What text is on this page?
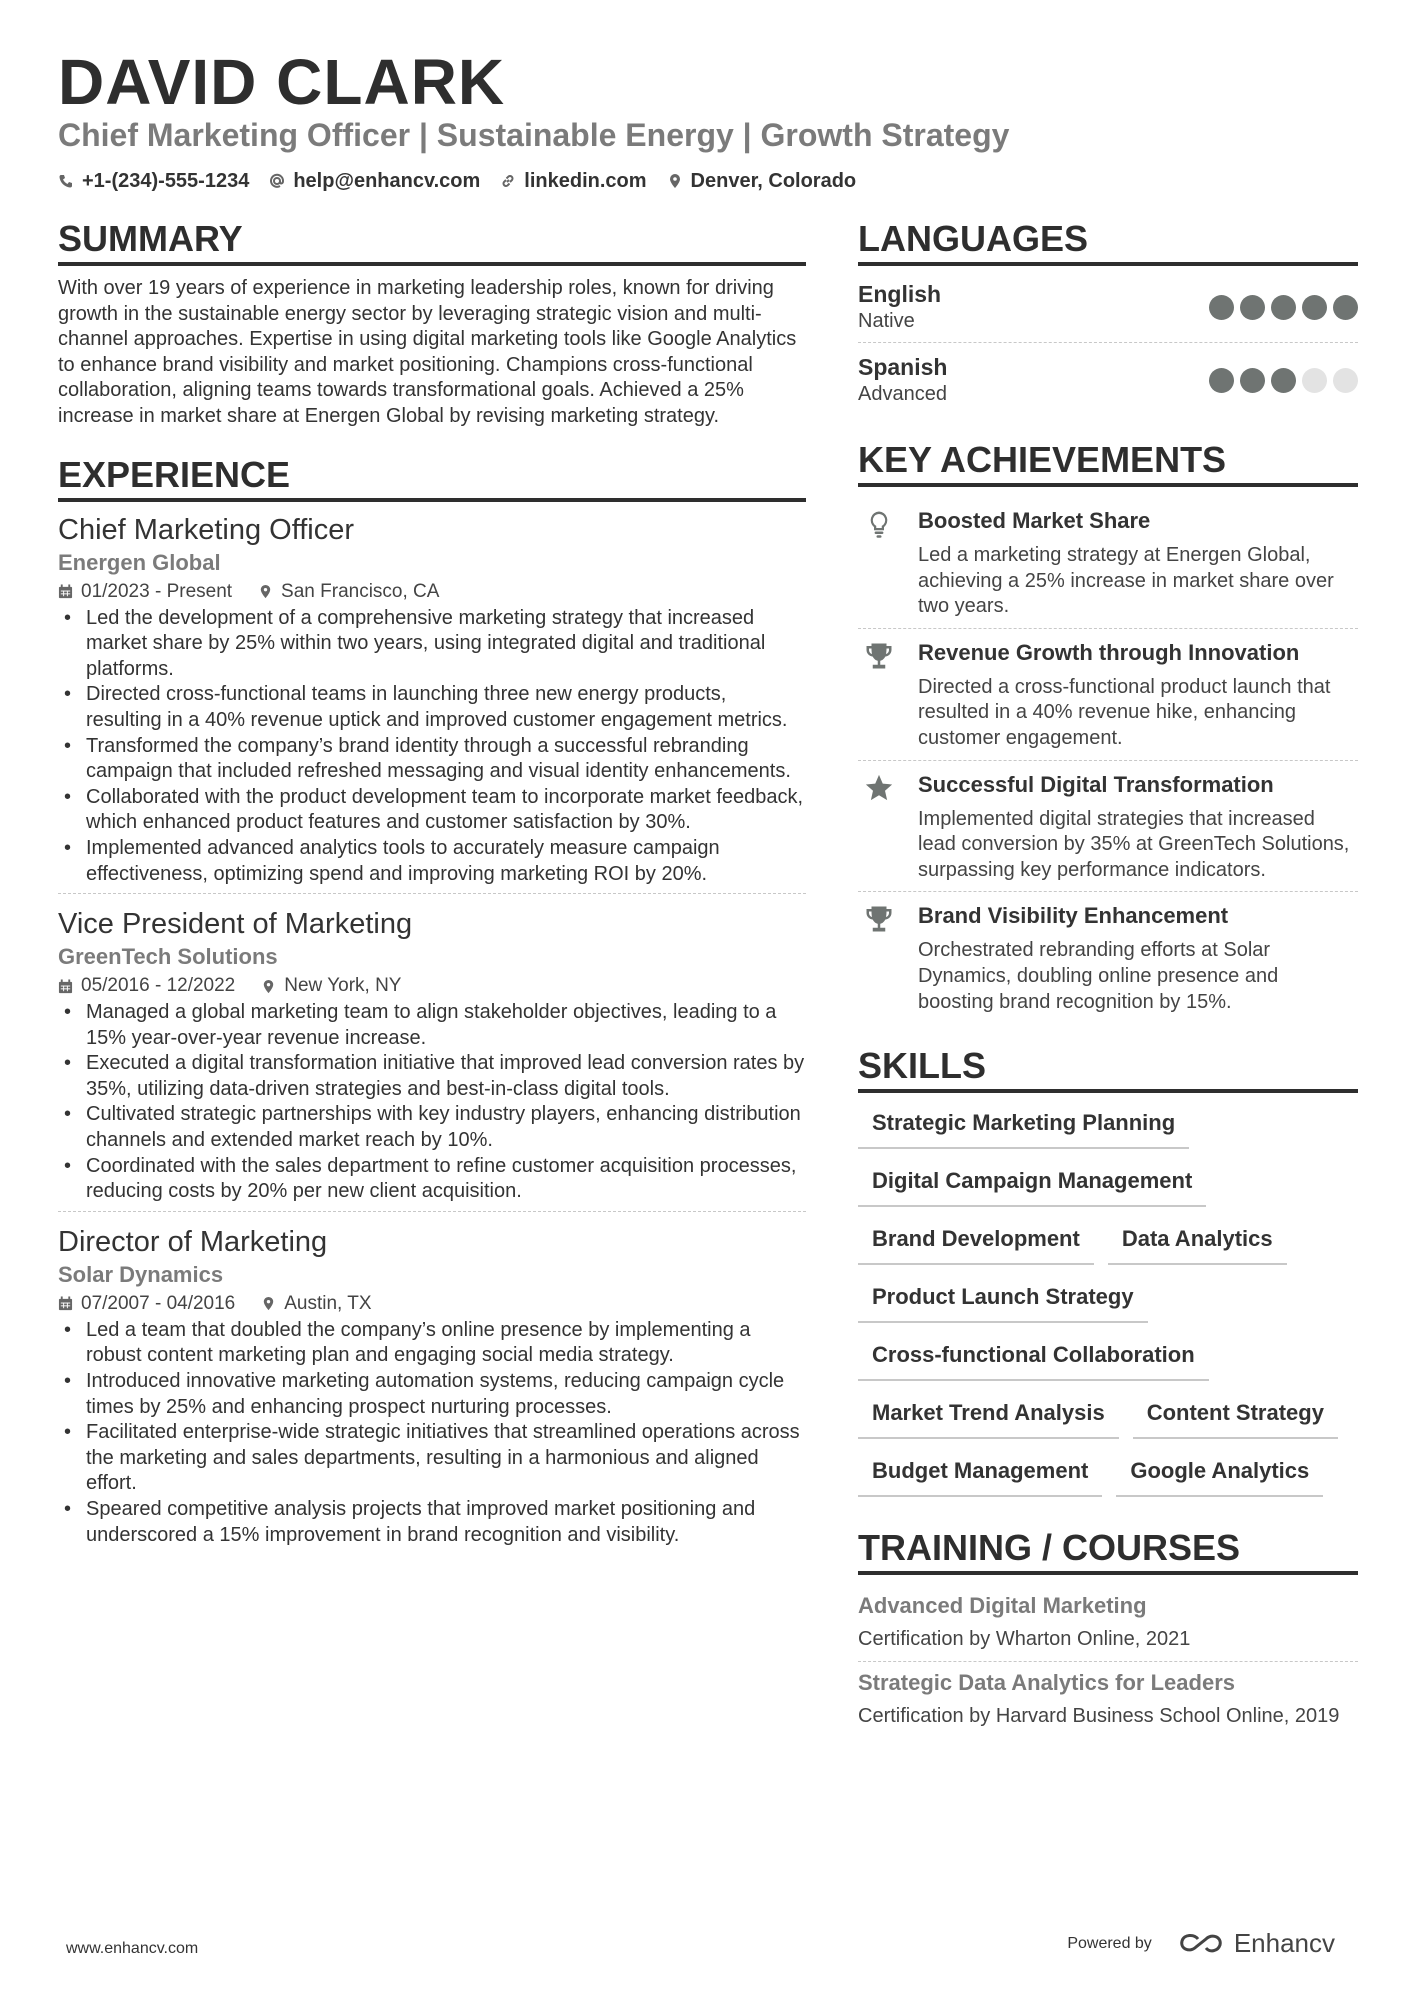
DAVID CLARK
Chief Marketing Officer | Sustainable Energy | Growth Strategy
+1-(234)-555-1234 help@enhancv.com linkedin.com Denver, Colorado
SUMMARY
With over 19 years of experience in marketing leadership roles, known for driving growth in the sustainable energy sector by leveraging strategic vision and multi-channel approaches. Expertise in using digital marketing tools like Google Analytics to enhance brand visibility and market positioning. Champions cross-functional collaboration, aligning teams towards transformational goals. Achieved a 25% increase in market share at Energen Global by revising marketing strategy.
EXPERIENCE
Chief Marketing Officer
Energen Global
01/2023 - Present	San Francisco, CA
• Led the development of a comprehensive marketing strategy that increased market share by 25% within two years, using integrated digital and traditional platforms.
• Directed cross-functional teams in launching three new energy products, resulting in a 40% revenue uptick and improved customer engagement metrics.
• Transformed the company’s brand identity through a successful rebranding campaign that included refreshed messaging and visual identity enhancements.
• Collaborated with the product development team to incorporate market feedback, which enhanced product features and customer satisfaction by 30%.
• Implemented advanced analytics tools to accurately measure campaign effectiveness, optimizing spend and improving marketing ROI by 20%.
Vice President of Marketing
GreenTech Solutions
05/2016 - 12/2022	New York, NY
• Managed a global marketing team to align stakeholder objectives, leading to a 15% year-over-year revenue increase.
• Executed a digital transformation initiative that improved lead conversion rates by 35%, utilizing data-driven strategies and best-in-class digital tools.
• Cultivated strategic partnerships with key industry players, enhancing distribution channels and extended market reach by 10%.
• Coordinated with the sales department to refine customer acquisition processes, reducing costs by 20% per new client acquisition.
Director of Marketing
Solar Dynamics
07/2007 - 04/2016	Austin, TX
• Led a team that doubled the company’s online presence by implementing a robust content marketing plan and engaging social media strategy.
• Introduced innovative marketing automation systems, reducing campaign cycle times by 25% and enhancing prospect nurturing processes.
• Facilitated enterprise-wide strategic initiatives that streamlined operations across the marketing and sales departments, resulting in a harmonious and aligned effort.
• Speared competitive analysis projects that improved market positioning and underscored a 15% improvement in brand recognition and visibility.
LANGUAGES
English
Native
Spanish
Advanced
KEY ACHIEVEMENTS
Boosted Market Share
Led a marketing strategy at Energen Global, achieving a 25% increase in market share over two years.
Revenue Growth through Innovation
Directed a cross-functional product launch that resulted in a 40% revenue hike, enhancing customer engagement.
Successful Digital Transformation
Implemented digital strategies that increased lead conversion by 35% at GreenTech Solutions, surpassing key performance indicators.
Brand Visibility Enhancement
Orchestrated rebranding efforts at Solar Dynamics, doubling online presence and boosting brand recognition by 15%.
SKILLS
Strategic Marketing Planning
Digital Campaign Management
Brand Development	Data Analytics
Product Launch Strategy
Cross-functional Collaboration
Market Trend Analysis	Content Strategy
Budget Management	Google Analytics
TRAINING / COURSES
Advanced Digital Marketing
Certification by Wharton Online, 2021
Strategic Data Analytics for Leaders
Certification by Harvard Business School Online, 2019
www.enhancv.com	Powered by	Enhancv
